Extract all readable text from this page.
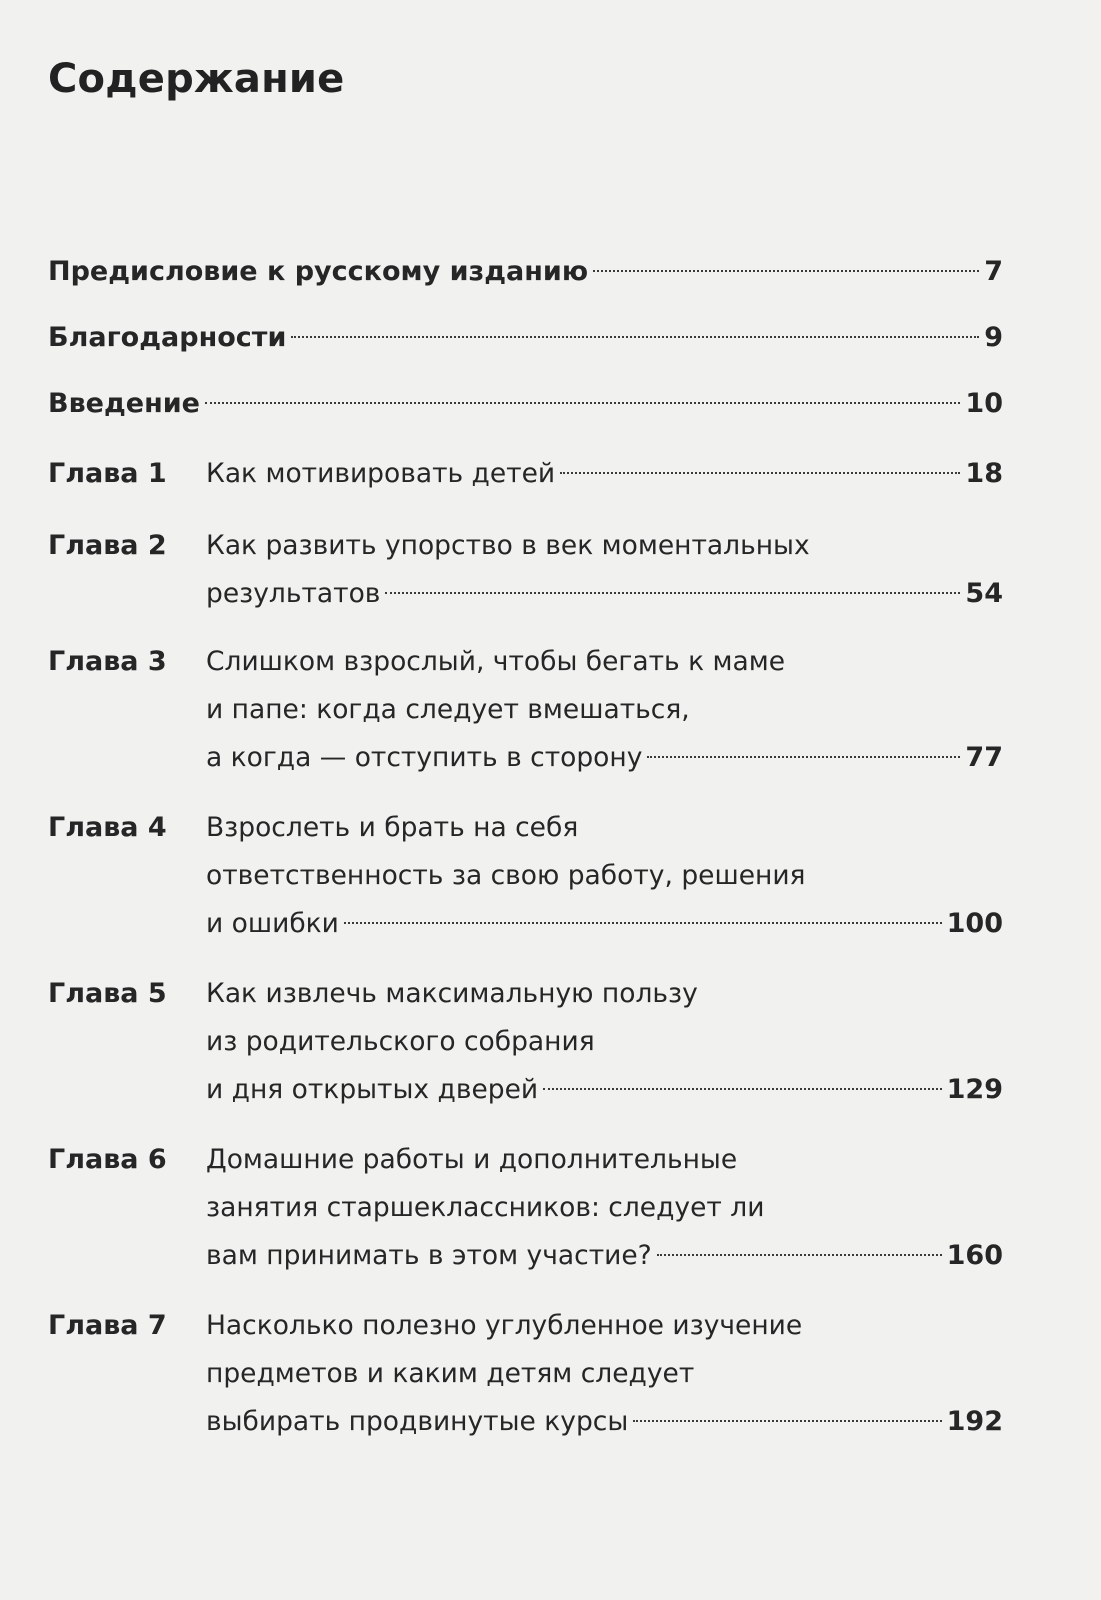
Содержание
Предисловие к русскому изданию	7
Благодарности	9
Введение	10
Глава 1 Как мотивировать детей	18
Глава 2 Как развить упорство в век моментальных
результатов	54
Глава 3 Слишком взрослый, чтобы бегать к маме
и папе: когда следует вмешаться,
а когда — отступить в сторону	77
Глава 4 Взрослеть и брать на себя
ответственность за свою работу, решения
и ошибки	100
Глава 5 Как извлечь максимальную пользу
из родительского собрания
и дня открытых дверей	129
Глава 6 Домашние работы и дополнительные
занятия старшеклассников: следует ли
вам принимать в этом участие?	160
Глава 7 Насколько полезно углубленное изучение
предметов и каким детям следует
выбирать продвинутые курсы	192
